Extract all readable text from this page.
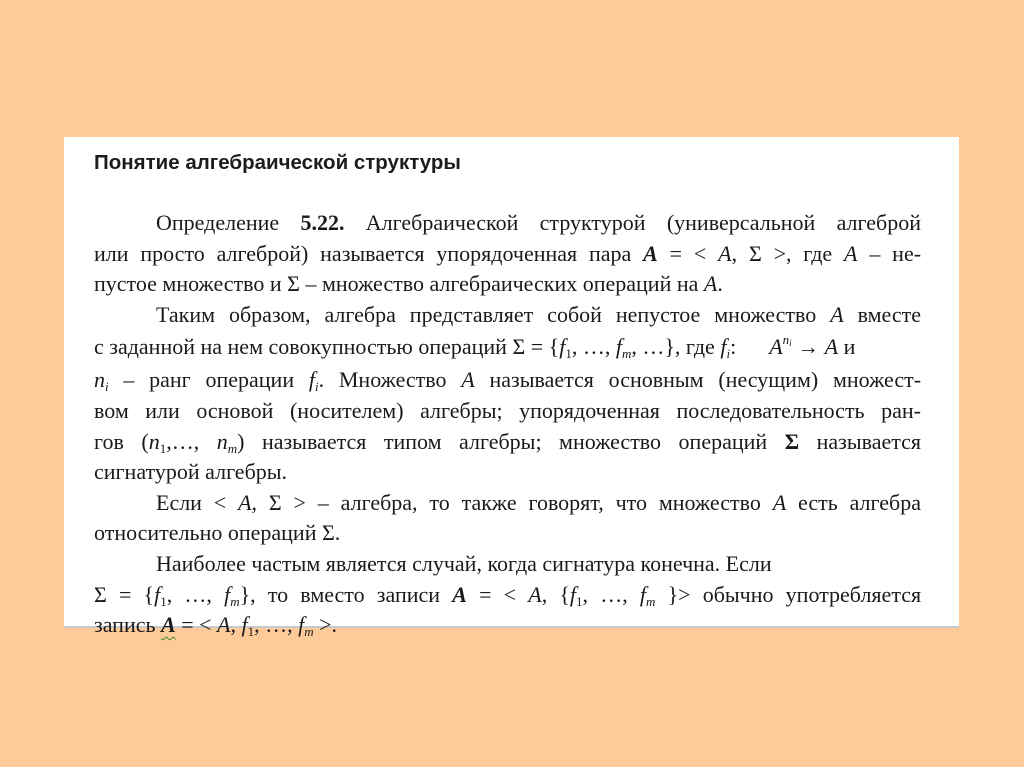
Понятие алгебраической структуры
Определение 5.22. Алгебраической структурой (универсальной алгеброй
или просто алгеброй) называется упорядоченная пара A = < A, Σ >, где A – не-
пустое множество и Σ – множество алгебраических операций на A.
Таким образом, алгебра представляет собой непустое множество A вместе
с заданной на нем совокупностью операций $\Sigma = \{f_1$, …, $f_m$, …}, где $f_i$: $A^{n_i} \to A$ и
$n_i$ – ранг операции $f_i$. Множество A называется основным (несущим) множест-
вом или основой (носителем) алгебры; упорядоченная последовательность ран-
гов ($n_1,\dots$, $n_m$) называется типом алгебры; множество операций Σ называется
сигнатурой алгебры.
Если < A, Σ > – алгебра, то также говорят, что множество A есть алгебра
относительно операций Σ.
Наиболее частым является случай, когда сигнатура конечна. Если
$\Sigma = \{f_1$, …, $f_m$}, то вместо записи A = < A, {$f_1$, …, $f_m$ }> обычно употребляется
запись A = < A, $f_1$, …, $f_m$ >.
